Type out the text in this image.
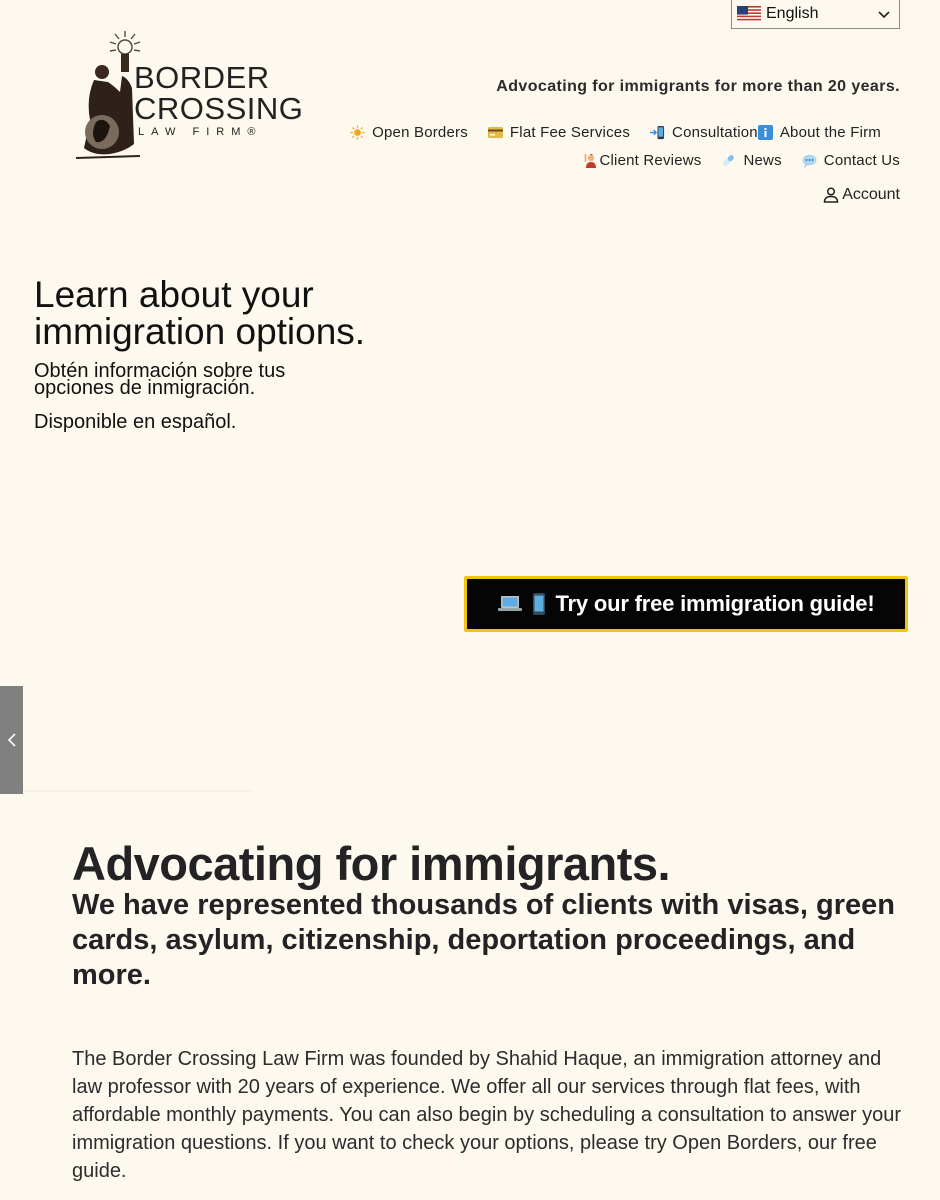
English
BORDER
CROSSING
LAW FIRM®
Advocating for immigrants for more than 20 years.
Open Borders	Flat Fee Services	Consultation About the Firm
Client Reviews	News	Contact Us
Account
Learn about your immigration options.

Obtén información sobre tus opciones de inmigración.

Disponible en español.

Try our free immigration guide!
Advocating for immigrants.
We have represented thousands of clients with visas, green cards, asylum, citizenship, deportation proceedings, and more.

The Border Crossing Law Firm was founded by Shahid Haque, an immigration attorney and law professor with 20 years of experience. We offer all our services through flat fees, with affordable monthly payments. You can also begin by scheduling a consultation to answer your immigration questions. If you want to check your options, please try Open Borders, our free guide.
